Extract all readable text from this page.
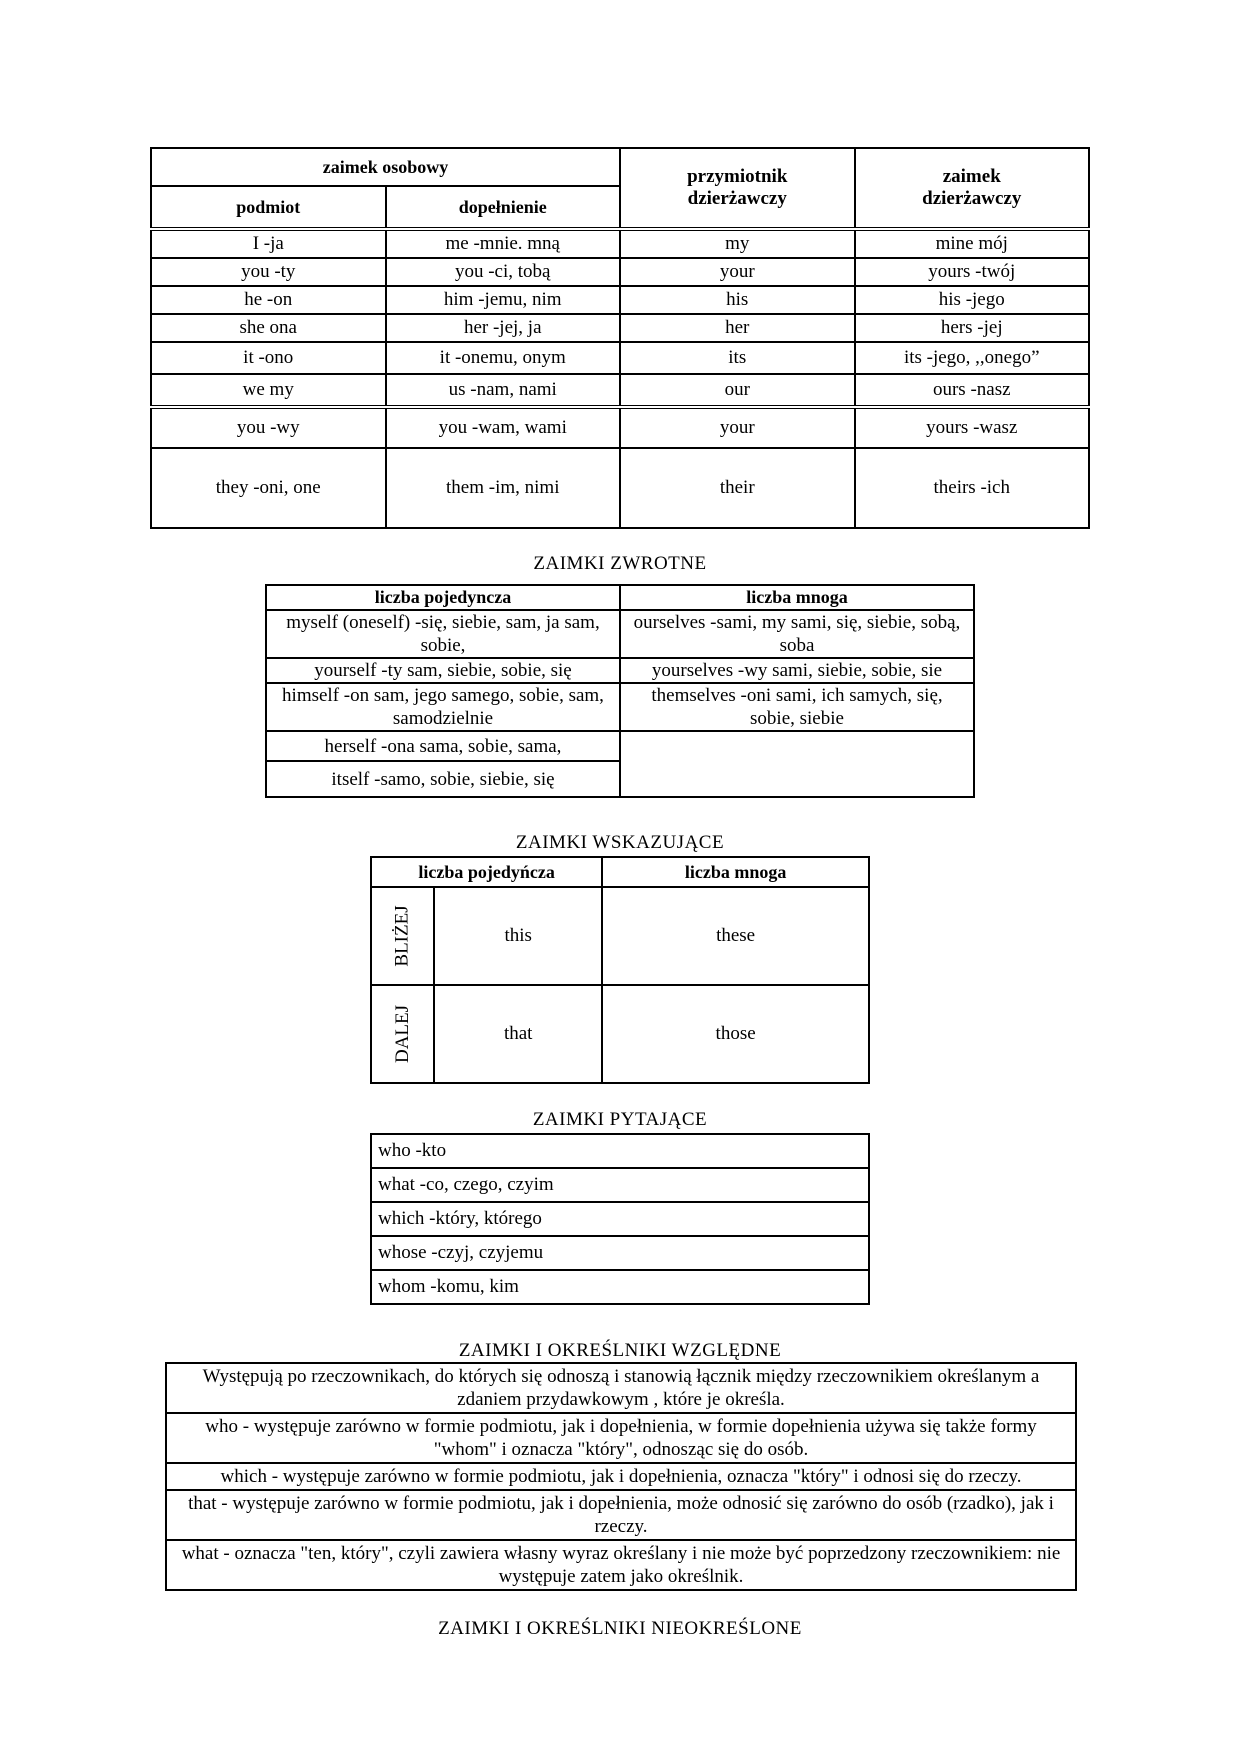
zaimek osobowy		przymiotnik dzierżawczy	zaimek dzierżawczy
podmiot	dopełnienie		
I -ja	me -mnie. mną	my	mine mój
you -ty	you -ci, tobą	your	yours -twój
he -on	him -jemu, nim	his	his -jego
she ona	her -jej, ja	her	hers -jej
it -ono	it -onemu, onym	its	its -jego, ,,onego”
we my	us -nam, nami	our	ours -nasz
you -wy	you -wam, wami	your	yours -wasz
they -oni, one	them -im, nimi	their	theirs -ich
ZAIMKI ZWROTNE
liczba pojedyncza	liczba mnoga
myself (oneself) -się, siebie, sam, ja sam, sobie,	ourselves -sami, my sami, się, siebie, sobą, soba
yourself -ty sam, siebie, sobie, się	yourselves -wy sami, siebie, sobie, sie
himself -on sam, jego samego, sobie, sam, samodzielnie	themselves -oni sami, ich samych, się, sobie, siebie
herself -ona sama, sobie, sama,	
itself -samo, sobie, siebie, się	
ZAIMKI WSKAZUJĄCE
liczba pojedyńcza		liczba mnoga
BLIŻEJ	this	these
DALEJ	that	those
ZAIMKI PYTAJĄCE
who -kto
what -co, czego, czyim
which -który, którego
whose -czyj, czyjemu
whom -komu, kim
ZAIMKI I OKREŚLNIKI WZGLĘDNE
Występują po rzeczownikach, do których się odnoszą i stanowią łącznik między rzeczownikiem określanym a zdaniem przydawkowym , które je określa.
who - występuje zarówno w formie podmiotu, jak i dopełnienia, w formie dopełnienia używa się także formy "whom" i oznacza "który", odnosząc się do osób.
which - występuje zarówno w formie podmiotu, jak i dopełnienia, oznacza "który" i odnosi się do rzeczy.
that - występuje zarówno w formie podmiotu, jak i dopełnienia, może odnosić się zarówno do osób (rzadko), jak i rzeczy.
what - oznacza "ten, który", czyli zawiera własny wyraz określany i nie może być poprzedzony rzeczownikiem: nie występuje zatem jako określnik.
ZAIMKI I OKREŚLNIKI NIEOKREŚLONE
